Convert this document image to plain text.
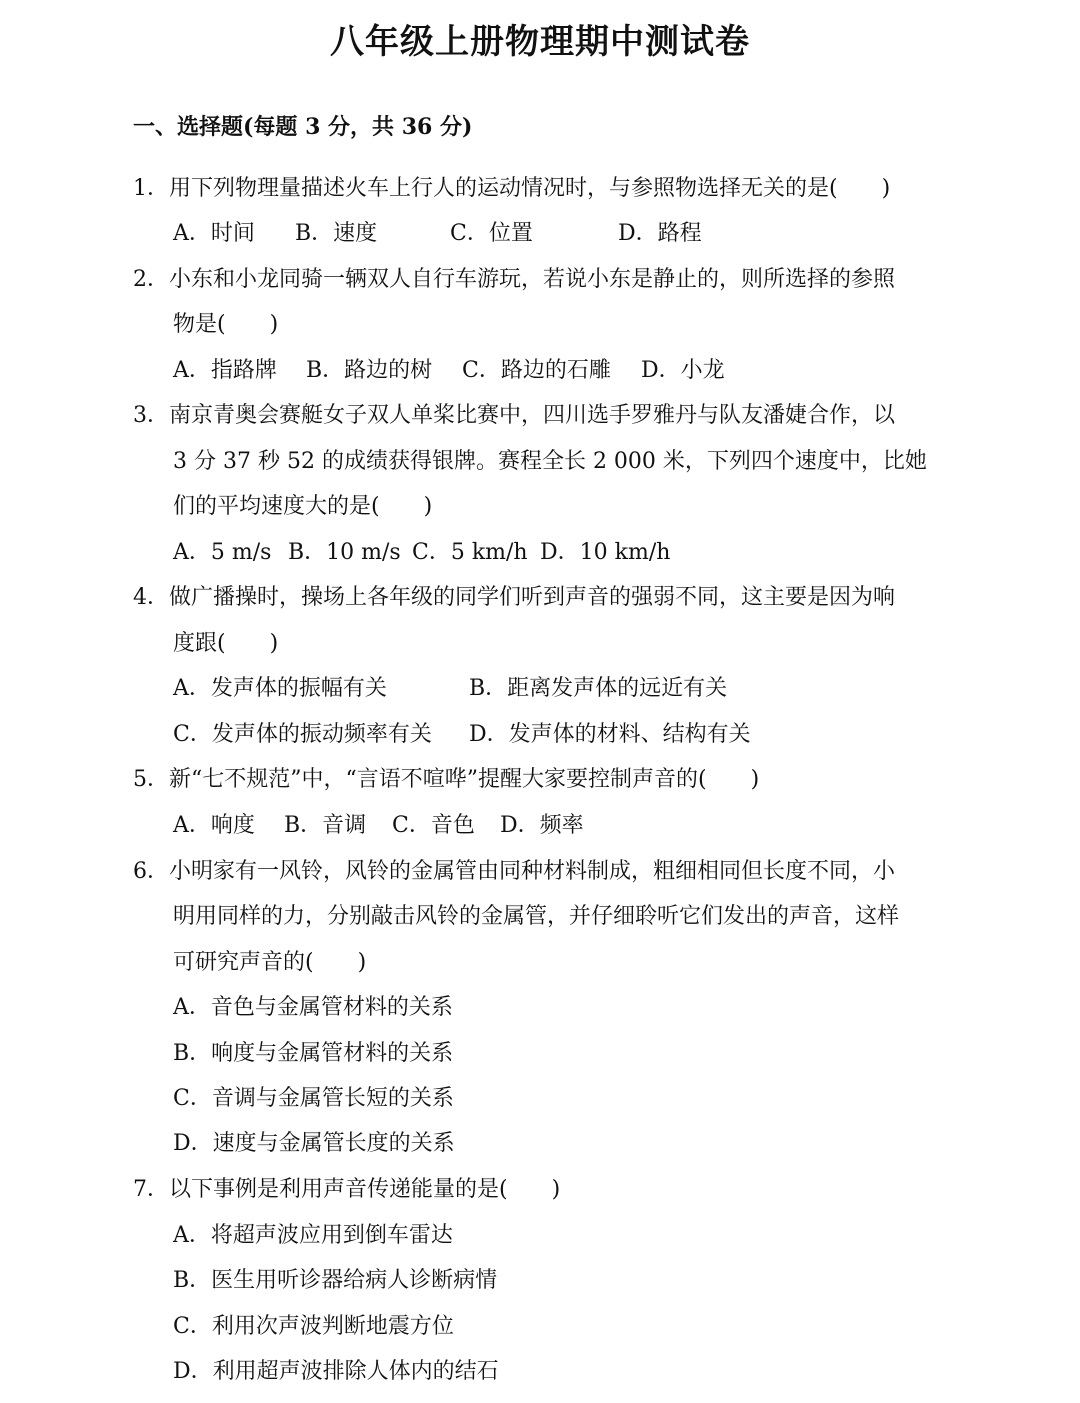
八年级上册物理期中测试卷
一、选择题(每题 3 分，共 36 分)
1．用下列物理量描述火车上行人的运动情况时，与参照物选择无关的是(　　)
A．时间 B．速度	C．位置	D．路程
2．小东和小龙同骑一辆双人自行车游玩，若说小东是静止的，则所选择的参照
物是(　　)
A．指路牌 B．路边的树 C．路边的石雕 D．小龙
3．南京青奥会赛艇女子双人单桨比赛中，四川选手罗雅丹与队友潘婕合作，以
3 分 37 秒 52 的成绩获得银牌。赛程全长 2 000 米，下列四个速度中，比她
们的平均速度大的是(　　)
A．5 m/s B．10 m/s C．5 km/h D．10 km/h
4．做广播操时，操场上各年级的同学们听到声音的强弱不同，这主要是因为响
度跟(　　)
A．发声体的振幅有关	B．距离发声体的远近有关
C．发声体的振动频率有关 D．发声体的材料、结构有关
5．新“七不规范”中，“言语不喧哗”提醒大家要控制声音的(　　)
A．响度 B．音调 C．音色 D．频率
6．小明家有一风铃，风铃的金属管由同种材料制成，粗细相同但长度不同，小
明用同样的力，分别敲击风铃的金属管，并仔细聆听它们发出的声音，这样
可研究声音的(　　)
A．音色与金属管材料的关系
B．响度与金属管材料的关系
C．音调与金属管长短的关系
D．速度与金属管长度的关系
7．以下事例是利用声音传递能量的是(　　)
A．将超声波应用到倒车雷达
B．医生用听诊器给病人诊断病情
C．利用次声波判断地震方位
D．利用超声波排除人体内的结石
